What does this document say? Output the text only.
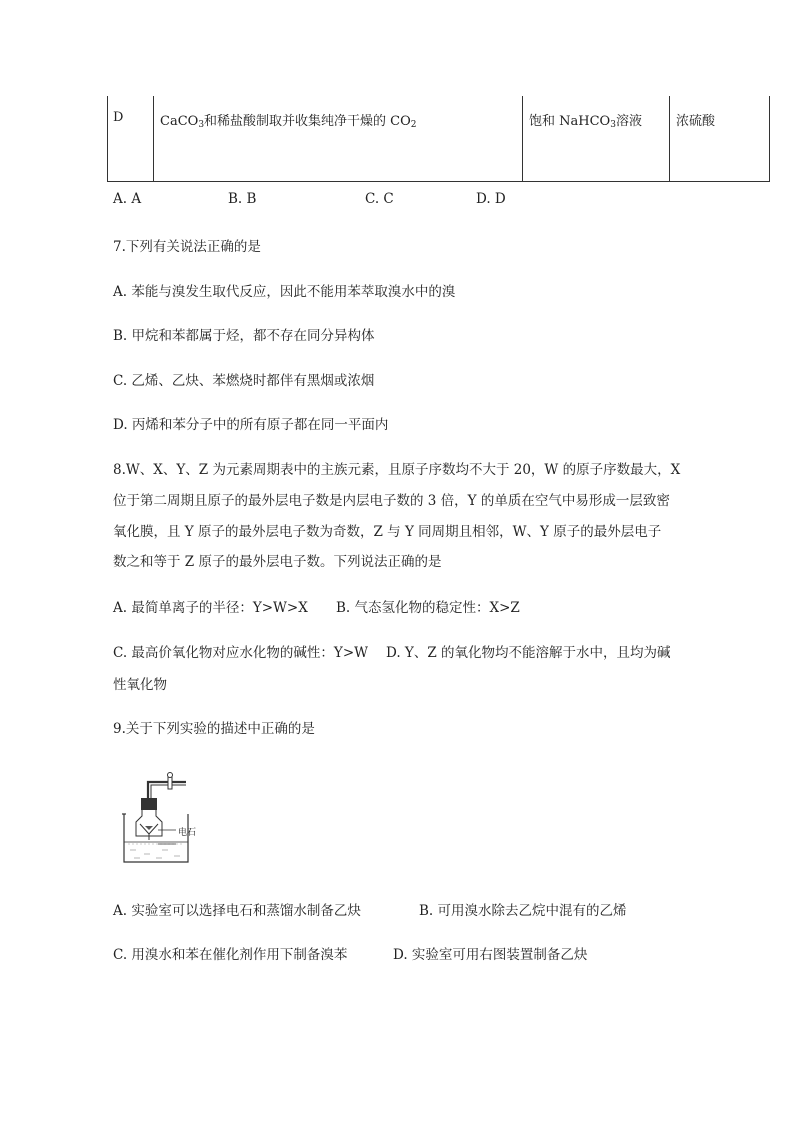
D	CaCO$_3$和稀盐酸制取并收集纯净干燥的 $CO_2$	饱和 NaHCO$_3$溶液	浓硫酸
A. A	B. B	C. C	D. D
7.下列有关说法正确的是
A. 苯能与溴发生取代反应，因此不能用苯萃取溴水中的溴
B. 甲烷和苯都属于烃，都不存在同分异构体
C. 乙烯、乙炔、苯燃烧时都伴有黑烟或浓烟
D. 丙烯和苯分子中的所有原子都在同一平面内
8.W、X、Y、Z 为元素周期表中的主族元素，且原子序数均不大于 20，W 的原子序数最大，X
位于第二周期且原子的最外层电子数是内层电子数的 3 倍，Y 的单质在空气中易形成一层致密
氧化膜，且 Y 原子的最外层电子数为奇数，Z 与 Y 同周期且相邻，W、Y 原子的最外层电子
数之和等于 Z 原子的最外层电子数。下列说法正确的是
A. 最简单离子的半径：Y>W>X B. 气态氢化物的稳定性：X>Z
C. 最高价氧化物对应水化物的碱性：Y>W D. Y、Z 的氧化物均不能溶解于水中，且均为碱
性氧化物
9.关于下列实验的描述中正确的是
电石
A. 实验室可以选择电石和蒸馏水制备乙炔	B. 可用溴水除去乙烷中混有的乙烯
C. 用溴水和苯在催化剂作用下制备溴苯	D. 实验室可用右图装置制备乙炔
